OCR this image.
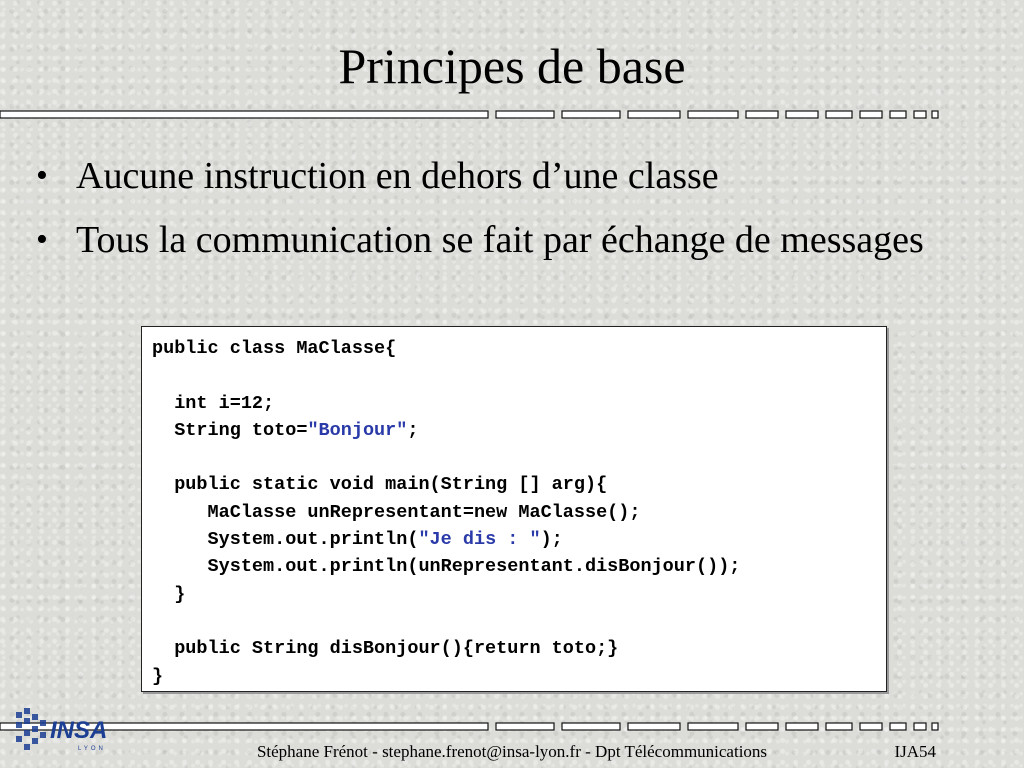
Principes de base
• Aucune instruction en dehors d’une classe
• Tous la communication se fait par échange de messages
public class MaClasse{

int i=12;
String toto="Bonjour";

public static void main(String [] arg){
MaClasse unRepresentant=new MaClasse();
System.out.println("Je dis : ");
System.out.println(unRepresentant.disBonjour());
}

public String disBonjour(){return toto;}
}
INSA
LYON	Stéphane Frénot - stephane.frenot@insa-lyon.fr - Dpt Télécommunications	IJA54
